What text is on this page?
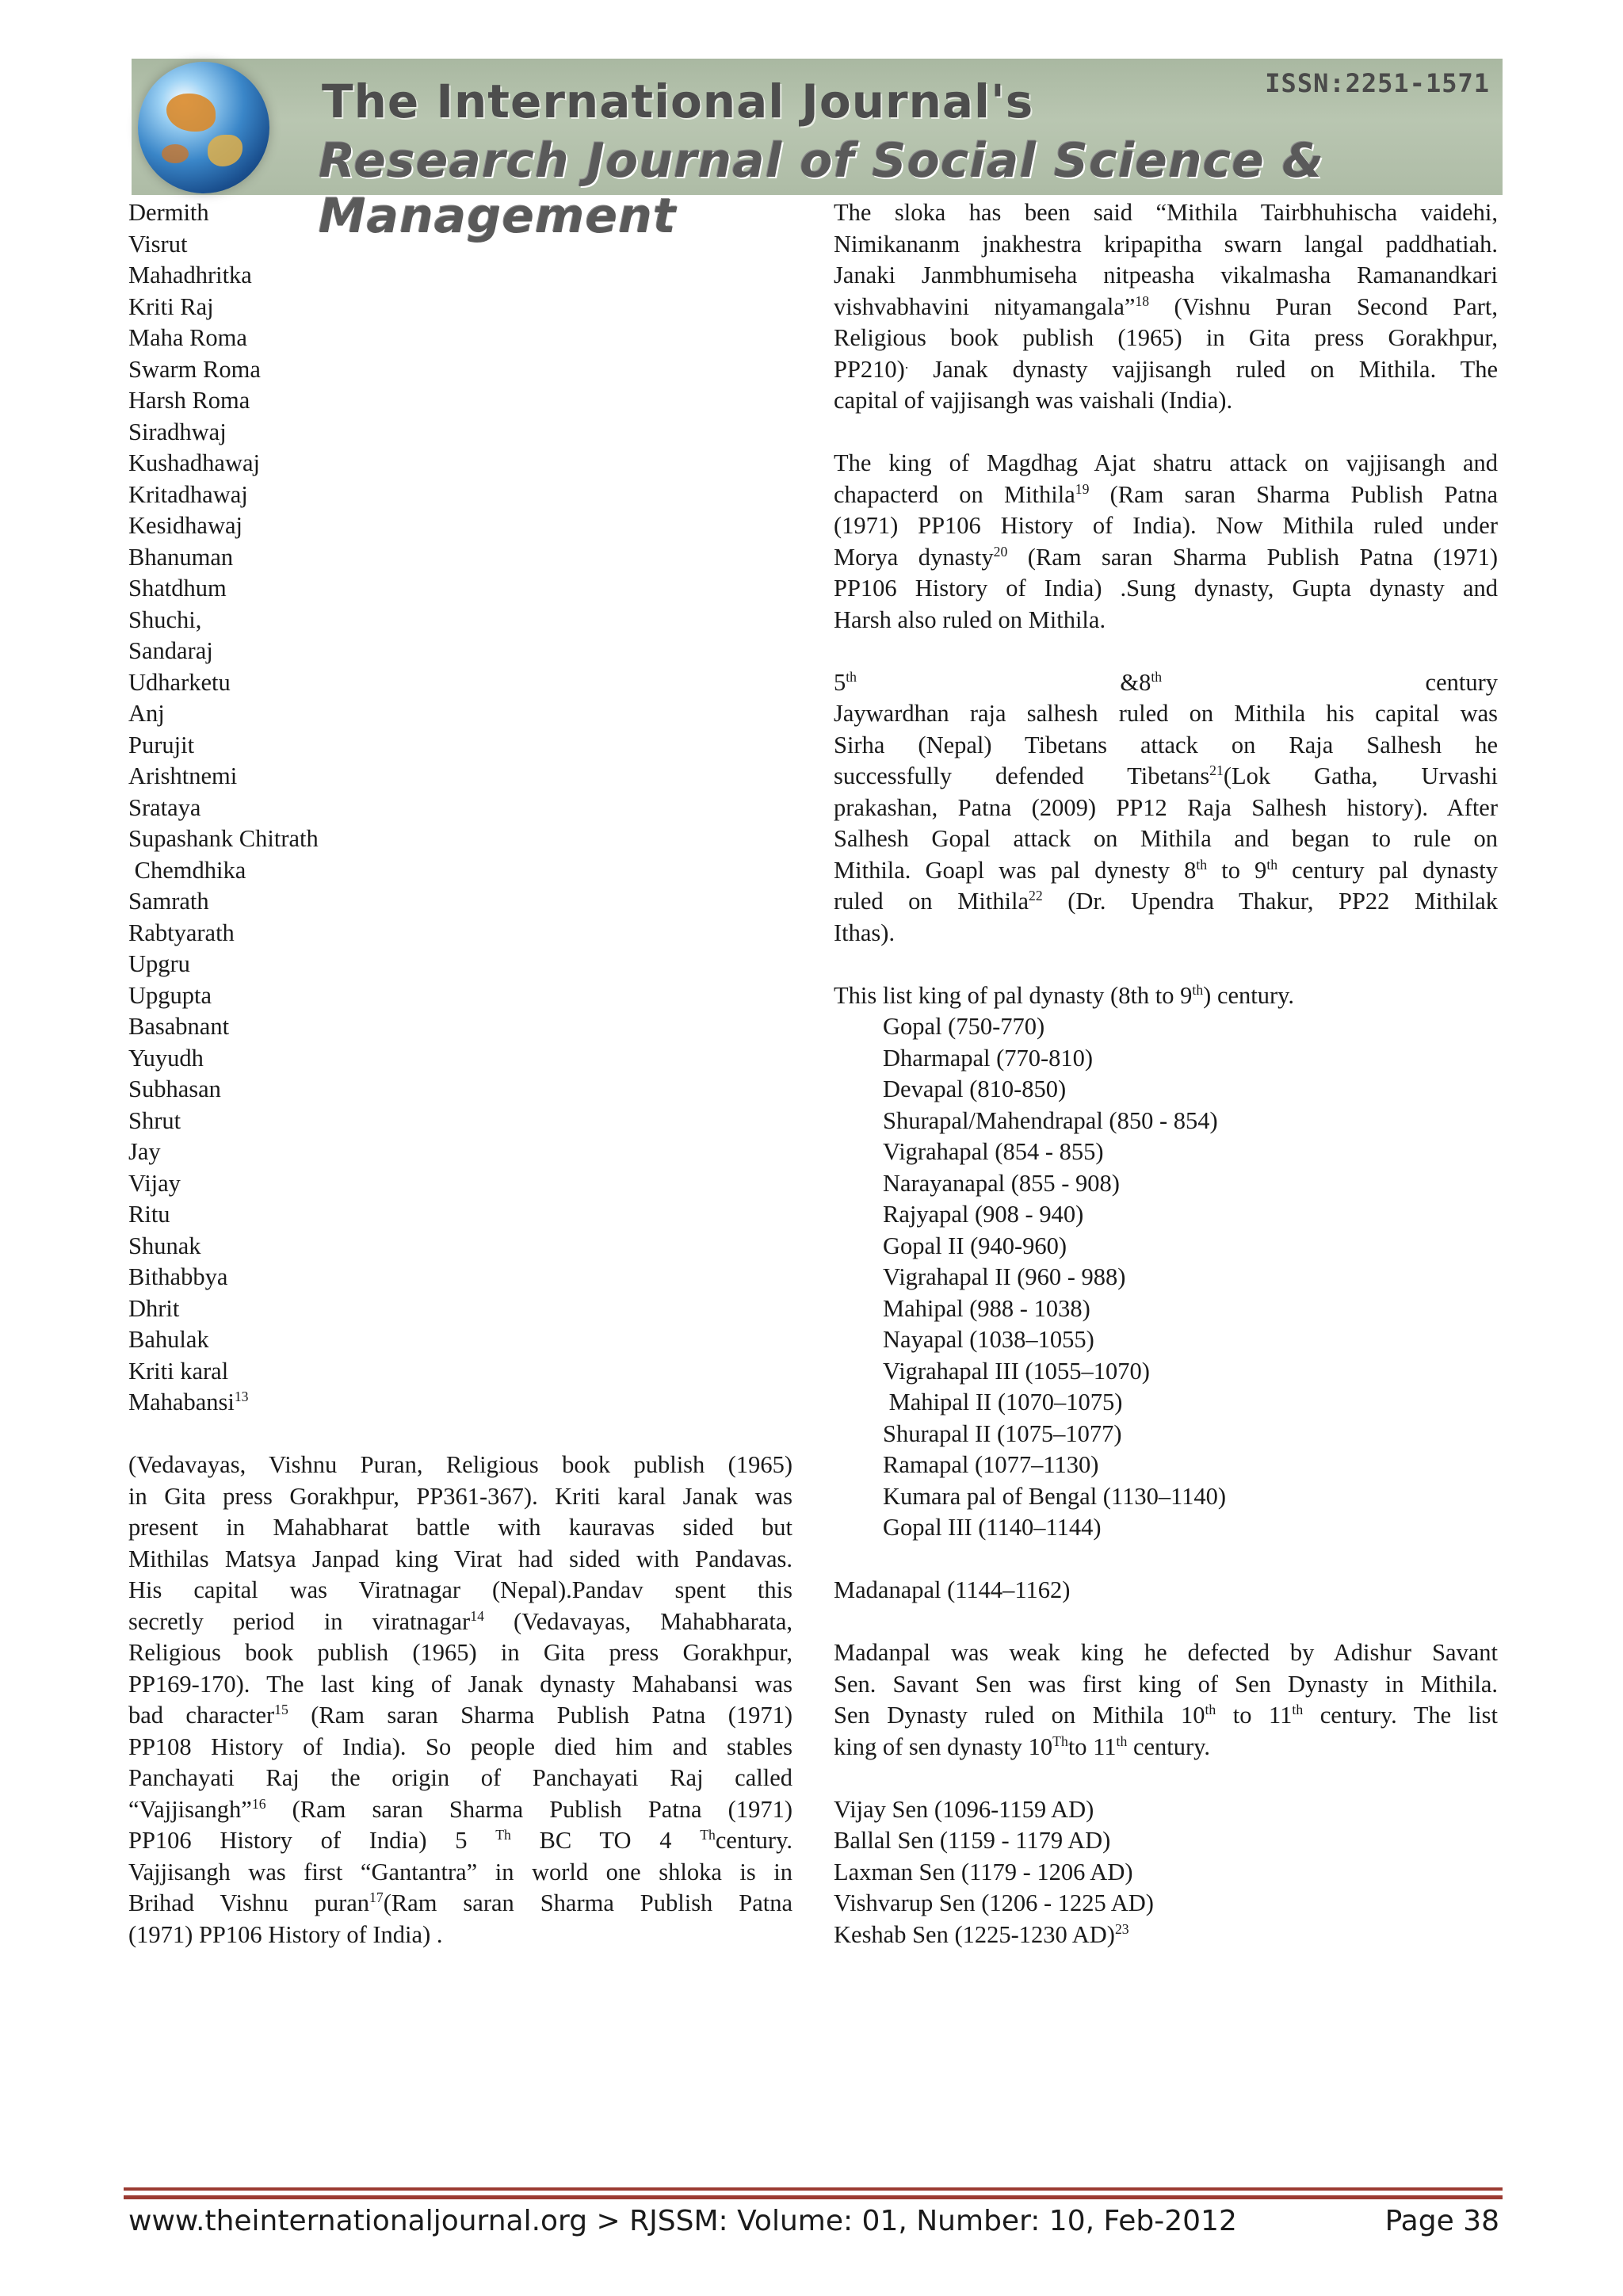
The International Journal's
Research Journal of Social Science & Management
ISSN:2251-1571
Dermith
Visrut
Mahadhritka
Kriti Raj
Maha Roma
Swarm Roma
Harsh Roma
Siradhwaj
Kushadhawaj
Kritadhawaj
Kesidhawaj
Bhanuman
Shatdhum
Shuchi,
Sandaraj
Udharketu
Anj
Purujit
Arishtnemi
Srataya
Supashank Chitrath
Chemdhika
Samrath
Rabtyarath
Upgru
Upgupta
Basabnant
Yuyudh
Subhasan
Shrut
Jay
Vijay
Ritu
Shunak
Bithabbya
Dhrit
Bahulak
Kriti karal
Mahabansi$^{13}$
(Vedavayas, Vishnu Puran, Religious book publish (1965)
in Gita press Gorakhpur, PP361-367). Kriti karal Janak was
present in Mahabharat battle with kauravas sided but
Mithilas Matsya Janpad king Virat had sided with Pandavas.
His capital was Viratnagar (Nepal).Pandav spent this
secretly period in viratnagar$^{14}$ (Vedavayas, Mahabharata,
Religious book publish (1965) in Gita press Gorakhpur,
PP169-170). The last king of Janak dynasty Mahabansi was
bad character$^{15}$ (Ram saran Sharma Publish Patna (1971)
PP108 History of India). So people died him and stables
Panchayati Raj the origin of Panchayati Raj called
“Vajjisangh”$^{16}$ (Ram saran Sharma Publish Patna (1971)
PP106 History of India) 5 $^{Th}$ BC TO 4 $^{Th}$century.
Vajjisangh was first “Gantantra” in world one shloka is in
Brihad Vishnu puran$^{17}$(Ram saran Sharma Publish Patna
(1971) PP106 History of India) .
The sloka has been said “Mithila Tairbhuhischa vaidehi,
Nimikananm jnakhestra kripapitha swarn langal paddhatiah.
Janaki Janmbhumiseha nitpeasha vikalmasha Ramanandkari
vishvabhavini nityamangala”$^{18}$ (Vishnu Puran Second Part,
Religious book publish (1965) in Gita press Gorakhpur,
PP210). Janak dynasty vajjisangh ruled on Mithila. The
capital of vajjisangh was vaishali (India).
The king of Magdhag Ajat shatru attack on vajjisangh and
chapacterd on Mithila$^{19}$ (Ram saran Sharma Publish Patna
(1971) PP106 History of India). Now Mithila ruled under
Morya dynasty$^{20}$ (Ram saran Sharma Publish Patna (1971)
PP106 History of India) .Sung dynasty, Gupta dynasty and
Harsh also ruled on Mithila.
5th	&8th	century
Jaywardhan raja salhesh ruled on Mithila his capital was
Sirha (Nepal) Tibetans attack on Raja Salhesh he
successfully defended Tibetans$^{21}$(Lok Gatha, Urvashi
prakashan, Patna (2009) PP12 Raja Salhesh history). After
Salhesh Gopal attack on Mithila and began to rule on
Mithila. Goapl was pal dynesty 8th to 9th century pal dynasty
ruled on Mithila$^{22}$ (Dr. Upendra Thakur, PP22 Mithilak
Ithas).
This list king of pal dynasty (8th to 9th) century.
Gopal (750-770)
Dharmapal (770-810)
Devapal (810-850)
Shurapal/Mahendrapal (850 - 854)
Vigrahapal (854 - 855)
Narayanapal (855 - 908)
Rajyapal (908 - 940)
Gopal II (940-960)
Vigrahapal II (960 - 988)
Mahipal (988 - 1038)
Nayapal (1038–1055)
Vigrahapal III (1055–1070)
Mahipal II (1070–1075)
Shurapal II (1075–1077)
Ramapal (1077–1130)
Kumara pal of Bengal (1130–1140)
Gopal III (1140–1144)
Madanapal (1144–1162)
Madanpal was weak king he defected by Adishur Savant
Sen. Savant Sen was first king of Sen Dynasty in Mithila.
Sen Dynasty ruled on Mithila 10th to 11th century. The list
king of sen dynasty 10Thto 11th century.
Vijay Sen (1096-1159 AD)
Ballal Sen (1159 - 1179 AD)
Laxman Sen (1179 - 1206 AD)
Vishvarup Sen (1206 - 1225 AD)
Keshab Sen (1225-1230 AD)$^{23}$
www.theinternationaljournal.org > RJSSM: Volume: 01, Number: 10, Feb-2012	Page 38
